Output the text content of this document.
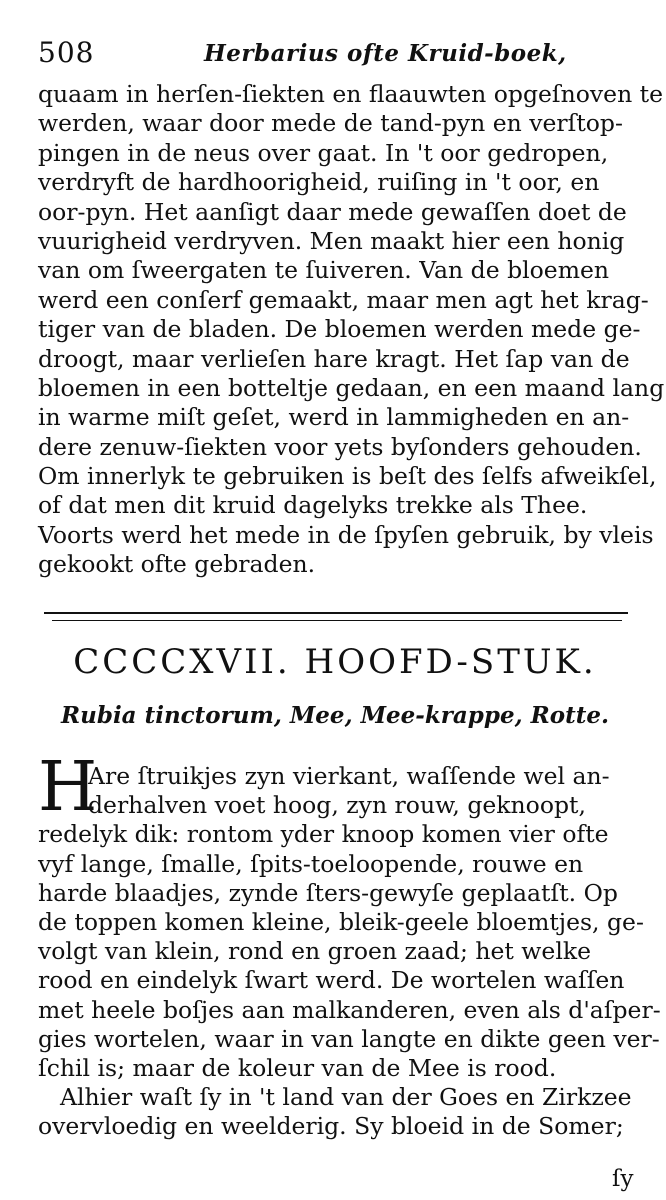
508	Herbarius ofte Kruid-boek,
quaam in herſen-ſiekten en flaauwten opgeſnoven te
werden, waar door mede de tand-pyn en verſtop-
pingen in de neus over gaat. In 't oor gedropen,
verdryft de hardhoorigheid, ruiſing in 't oor, en
oor-pyn. Het aanſigt daar mede gewaſſen doet de
vuurigheid verdryven. Men maakt hier een honig
van om ſweergaten te ſuiveren. Van de bloemen
werd een conſerf gemaakt, maar men agt het krag-
tiger van de bladen. De bloemen werden mede ge-
droogt, maar verlieſen hare kragt. Het ſap van de
bloemen in een botteltje gedaan, en een maand lang
in warme miſt geſet, werd in lammigheden en an-
dere zenuw-ſiekten voor yets byſonders gehouden.
Om innerlyk te gebruiken is beſt des ſelfs afweikſel,
of dat men dit kruid dagelyks trekke als Thee.
Voorts werd het mede in de ſpyſen gebruik, by vleis
gekookt ofte gebraden.
CCCCXVII. HOOFD-STUK.
Rubia tinctorum, Mee, Mee-krappe, Rotte.
H
Are ſtruikjes zyn vierkant, waſſende wel an-
derhalven voet hoog, zyn rouw, geknoopt,
redelyk dik: rontom yder knoop komen vier ofte
vyf lange, ſmalle, ſpits-toeloopende, rouwe en
harde blaadjes, zynde ſters-gewyſe geplaatſt. Op
de toppen komen kleine, bleik-geele bloemtjes, ge-
volgt van klein, rond en groen zaad; het welke
rood en eindelyk ſwart werd. De wortelen waſſen
met heele boſjes aan malkanderen, even als d'aſper-
gies wortelen, waar in van langte en dikte geen ver-
ſchil is; maar de koleur van de Mee is rood.
Alhier waſt ſy in 't land van der Goes en Zirkzee
overvloedig en weelderig. Sy bloeid in de Somer;
ſy
